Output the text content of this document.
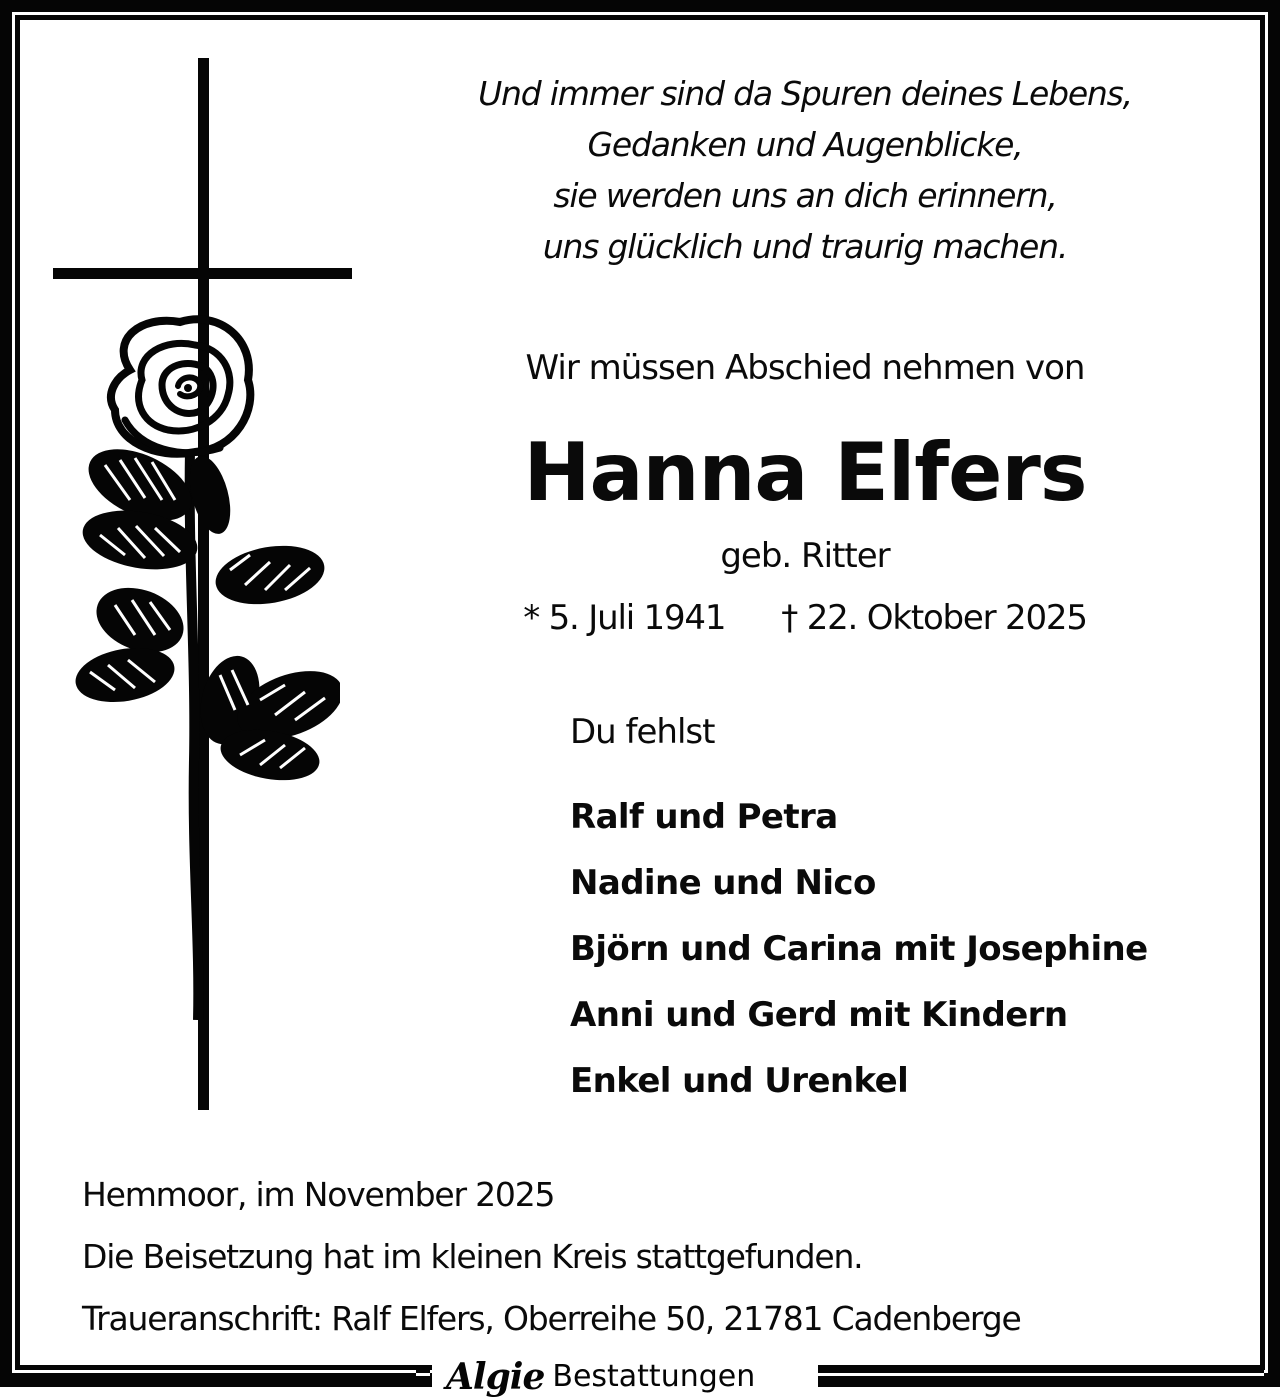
Und immer sind da Spuren deines Lebens,
Gedanken und Augenblicke,
sie werden uns an dich erinnern,
uns glücklich und traurig machen.
Wir müssen Abschied nehmen von
Hanna Elfers
geb. Ritter
* 5. Juli 1941 † 22. Oktober 2025
Du fehlst
Ralf und Petra
Nadine und Nico
Björn und Carina mit Josephine
Anni und Gerd mit Kindern
Enkel und Urenkel
Hemmoor, im November 2025
Die Beisetzung hat im kleinen Kreis stattgefunden.
Traueranschrift: Ralf Elfers, Oberreihe 50, 21781 Cadenberge
Algie Bestattungen
